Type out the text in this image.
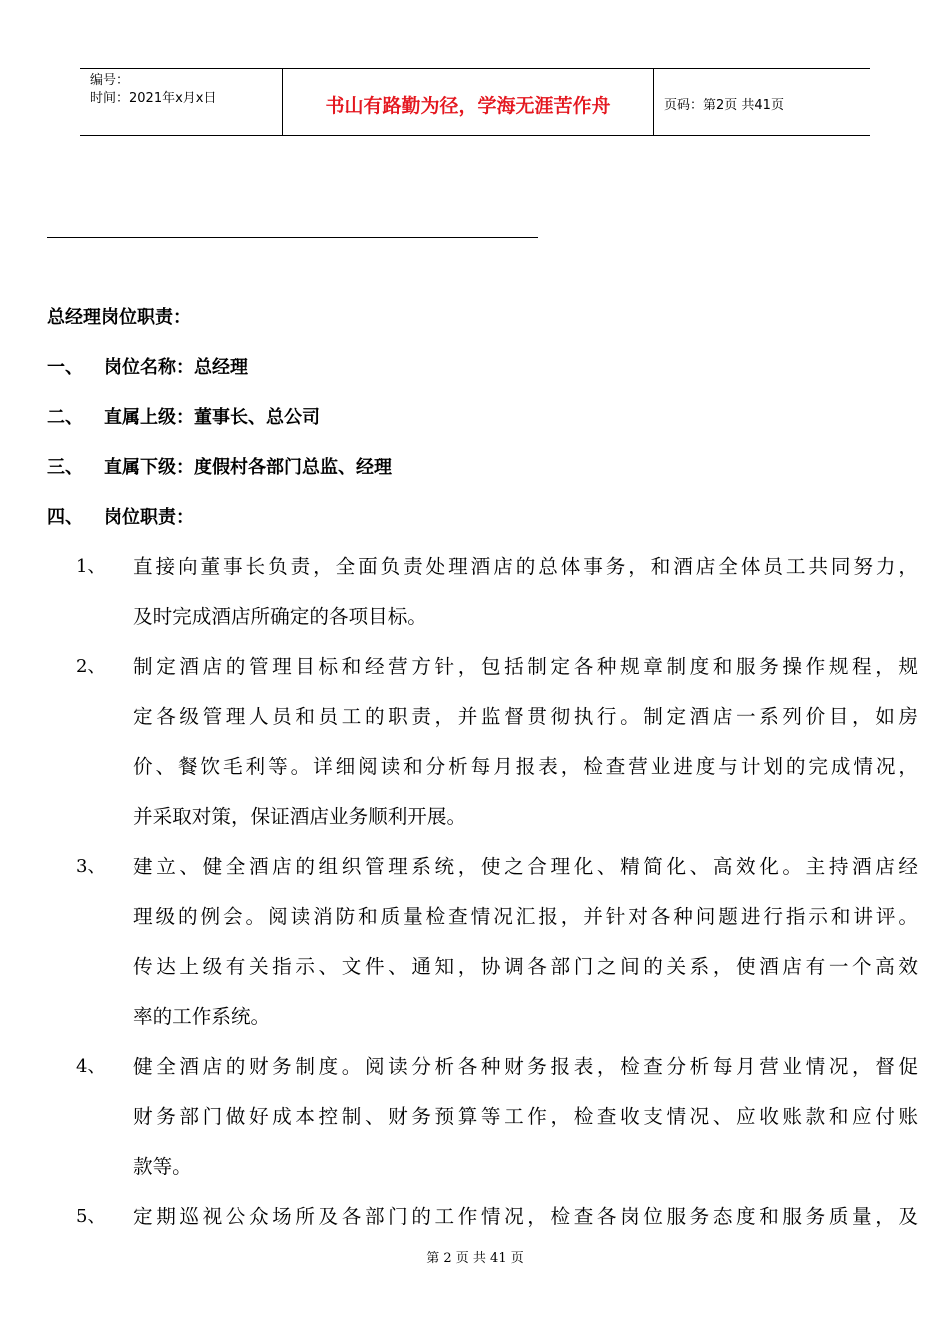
编号：
时间：2021年x月x日	书山有路勤为径，学海无涯苦作舟	页码：第2页 共41页
总经理岗位职责：
一、 岗位名称：总经理
二、 直属上级：董事长、总公司
三、 直属下级：度假村各部门总监、经理
四、 岗位职责：
1、 直接向董事长负责，全面负责处理酒店的总体事务，和酒店全体员工共同努力，
及时完成酒店所确定的各项目标。
2、 制定酒店的管理目标和经营方针，包括制定各种规章制度和服务操作规程，规
定各级管理人员和员工的职责，并监督贯彻执行。制定酒店一系列价目，如房
价、餐饮毛利等。详细阅读和分析每月报表，检查营业进度与计划的完成情况，
并采取对策，保证酒店业务顺利开展。
3、 建立、健全酒店的组织管理系统，使之合理化、精简化、高效化。主持酒店经
理级的例会。阅读消防和质量检查情况汇报，并针对各种问题进行指示和讲评。
传达上级有关指示、文件、通知，协调各部门之间的关系，使酒店有一个高效
率的工作系统。
4、 健全酒店的财务制度。阅读分析各种财务报表，检查分析每月营业情况，督促
财务部门做好成本控制、财务预算等工作，检查收支情况、应收账款和应付账
款等。
5、 定期巡视公众场所及各部门的工作情况，检查各岗位服务态度和服务质量，及
第 2 页 共 41 页
